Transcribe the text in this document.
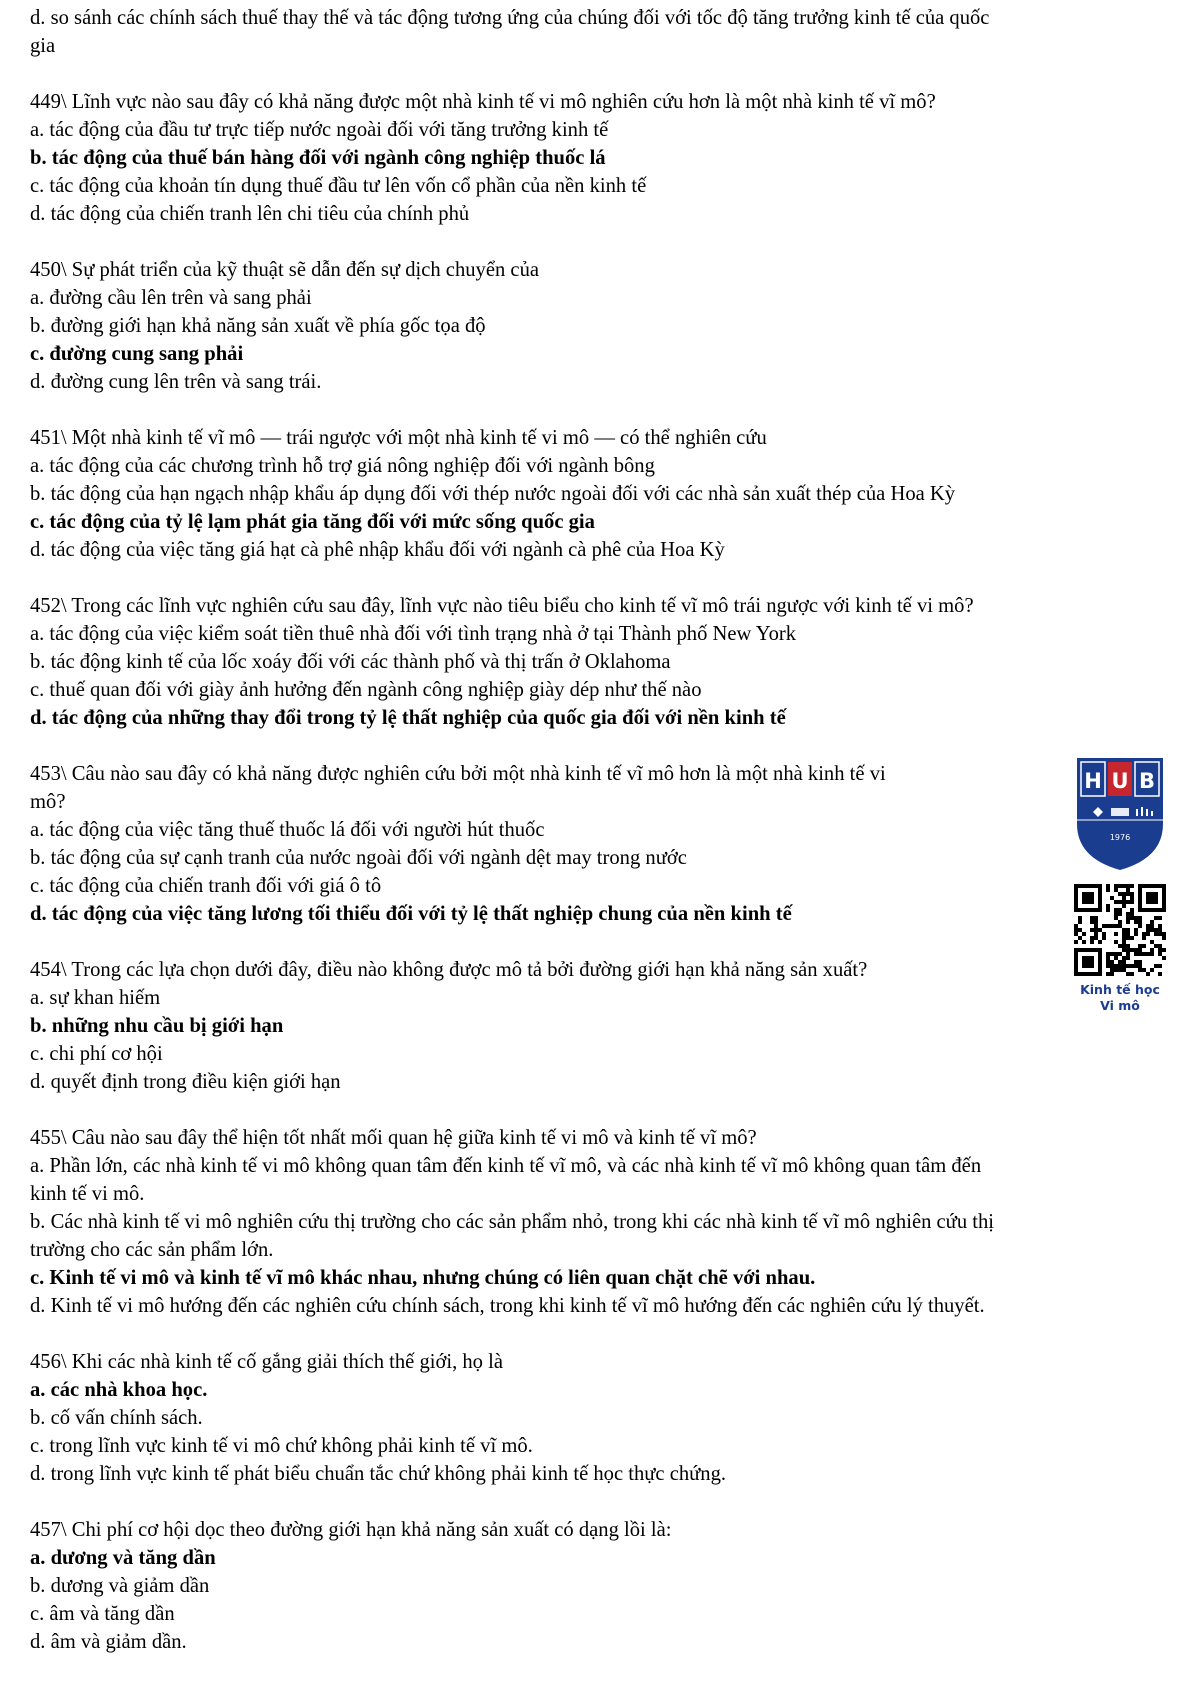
d. so sánh các chính sách thuế thay thế và tác động tương ứng của chúng đối với tốc độ tăng trưởng kinh tế của quốc
gia
449\ Lĩnh vực nào sau đây có khả năng được một nhà kinh tế vi mô nghiên cứu hơn là một nhà kinh tế vĩ mô?
a. tác động của đầu tư trực tiếp nước ngoài đối với tăng trưởng kinh tế
b. tác động của thuế bán hàng đối với ngành công nghiệp thuốc lá
c. tác động của khoản tín dụng thuế đầu tư lên vốn cổ phần của nền kinh tế
d. tác động của chiến tranh lên chi tiêu của chính phủ
450\ Sự phát triển của kỹ thuật sẽ dẫn đến sự dịch chuyển của
a. đường cầu lên trên và sang phải
b. đường giới hạn khả năng sản xuất về phía gốc tọa độ
c. đường cung sang phải
d. đường cung lên trên và sang trái.
451\ Một nhà kinh tế vĩ mô — trái ngược với một nhà kinh tế vi mô — có thể nghiên cứu
a. tác động của các chương trình hỗ trợ giá nông nghiệp đối với ngành bông
b. tác động của hạn ngạch nhập khẩu áp dụng đối với thép nước ngoài đối với các nhà sản xuất thép của Hoa Kỳ
c. tác động của tỷ lệ lạm phát gia tăng đối với mức sống quốc gia
d. tác động của việc tăng giá hạt cà phê nhập khẩu đối với ngành cà phê của Hoa Kỳ
452\ Trong các lĩnh vực nghiên cứu sau đây, lĩnh vực nào tiêu biểu cho kinh tế vĩ mô trái ngược với kinh tế vi mô?
a. tác động của việc kiểm soát tiền thuê nhà đối với tình trạng nhà ở tại Thành phố New York
b. tác động kinh tế của lốc xoáy đối với các thành phố và thị trấn ở Oklahoma
c. thuế quan đối với giày ảnh hưởng đến ngành công nghiệp giày dép như thế nào
d. tác động của những thay đổi trong tỷ lệ thất nghiệp của quốc gia đối với nền kinh tế
453\ Câu nào sau đây có khả năng được nghiên cứu bởi một nhà kinh tế vĩ mô hơn là một nhà kinh tế vi
mô?
a. tác động của việc tăng thuế thuốc lá đối với người hút thuốc
b. tác động của sự cạnh tranh của nước ngoài đối với ngành dệt may trong nước
c. tác động của chiến tranh đối với giá ô tô
d. tác động của việc tăng lương tối thiểu đối với tỷ lệ thất nghiệp chung của nền kinh tế
454\ Trong các lựa chọn dưới đây, điều nào không được mô tả bởi đường giới hạn khả năng sản xuất?
a. sự khan hiếm
b. những nhu cầu bị giới hạn
c. chi phí cơ hội
d. quyết định trong điều kiện giới hạn
455\ Câu nào sau đây thể hiện tốt nhất mối quan hệ giữa kinh tế vi mô và kinh tế vĩ mô?
a. Phần lớn, các nhà kinh tế vi mô không quan tâm đến kinh tế vĩ mô, và các nhà kinh tế vĩ mô không quan tâm đến
kinh tế vi mô.
b. Các nhà kinh tế vi mô nghiên cứu thị trường cho các sản phẩm nhỏ, trong khi các nhà kinh tế vĩ mô nghiên cứu thị
trường cho các sản phẩm lớn.
c. Kinh tế vi mô và kinh tế vĩ mô khác nhau, nhưng chúng có liên quan chặt chẽ với nhau.
d. Kinh tế vi mô hướng đến các nghiên cứu chính sách, trong khi kinh tế vĩ mô hướng đến các nghiên cứu lý thuyết.
456\ Khi các nhà kinh tế cố gắng giải thích thế giới, họ là
a. các nhà khoa học.
b. cố vấn chính sách.
c. trong lĩnh vực kinh tế vi mô chứ không phải kinh tế vĩ mô.
d. trong lĩnh vực kinh tế phát biểu chuẩn tắc chứ không phải kinh tế học thực chứng.
457\ Chi phí cơ hội dọc theo đường giới hạn khả năng sản xuất có dạng lồi là:
a. dương và tăng dần
b. dương và giảm dần
c. âm và tăng dần
d. âm và giảm dần.
H U B
1976
Kinh tế học
Vi mô
